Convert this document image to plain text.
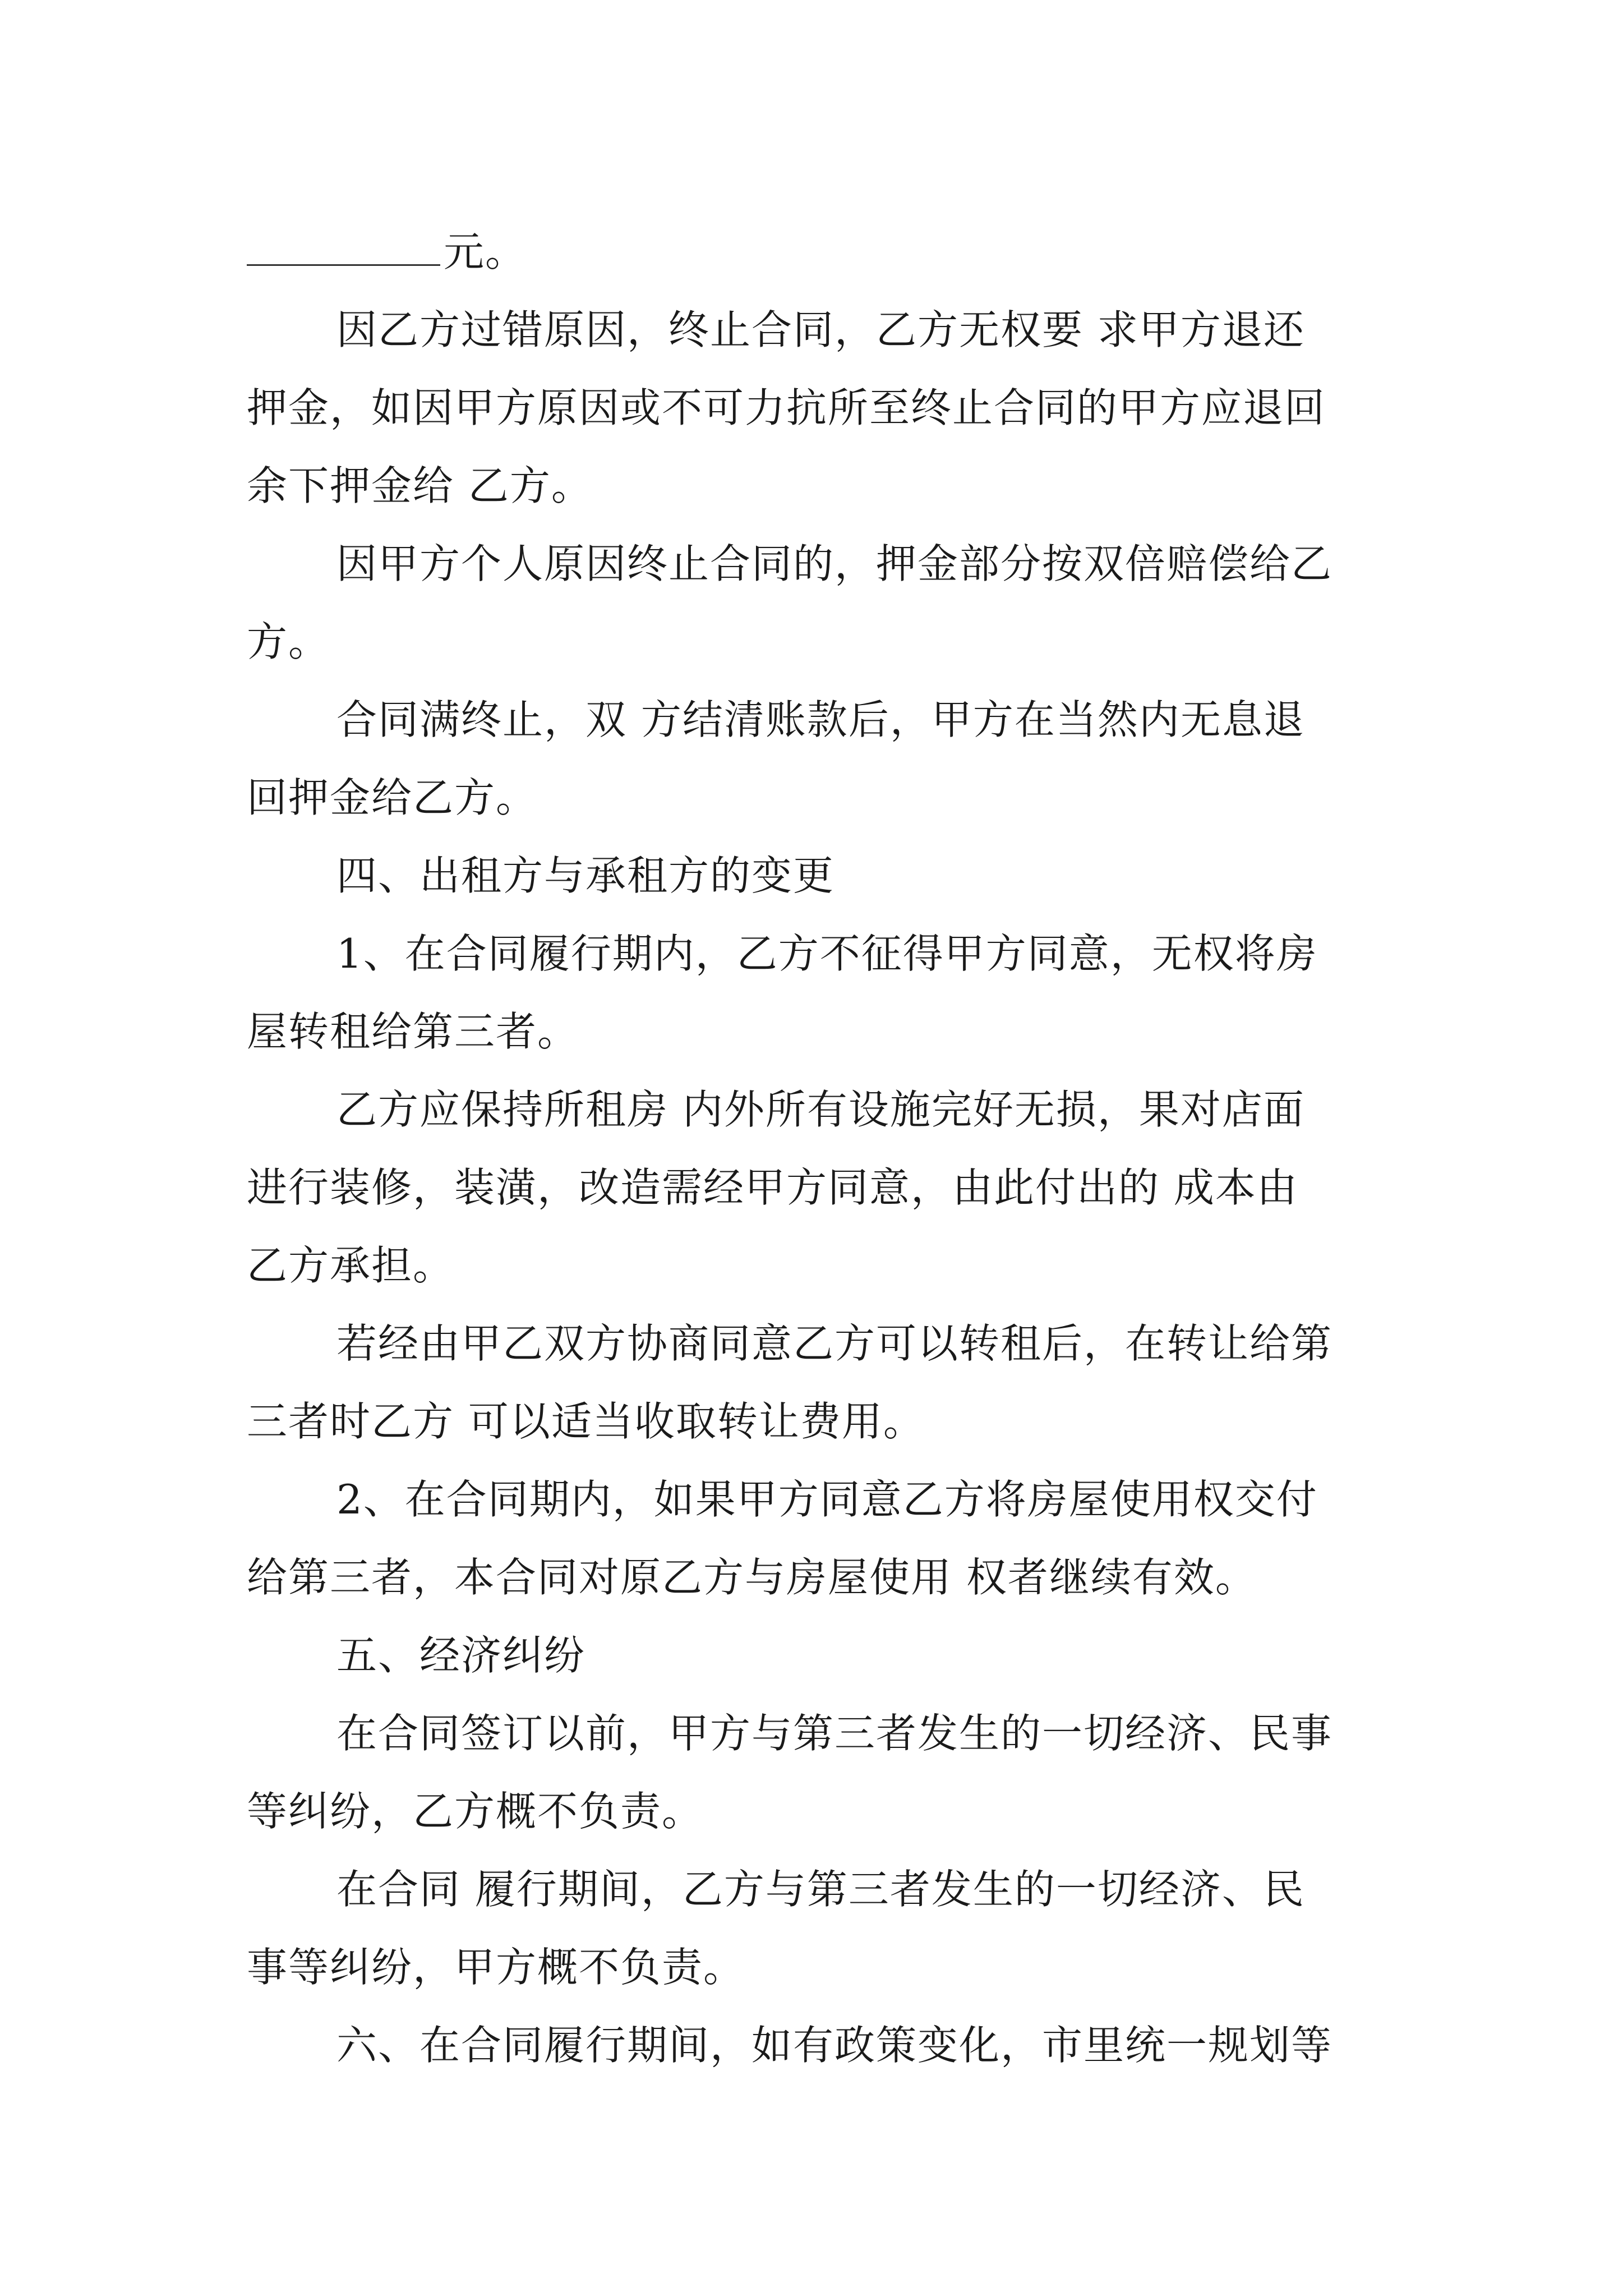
元。
因乙方过错原因，终止合同，乙方无权要 求甲方退还
押金，如因甲方原因或不可力抗所至终止合同的甲方应退回
余下押金给 乙方。
因甲方个人原因终止合同的，押金部分按双倍赔偿给乙
方。
合同满终止，双 方结清账款后，甲方在当然内无息退
回押金给乙方。
四、出租方与承租方的变更
1、在合同履行期内，乙方不征得甲方同意，无权将房
屋转租给第三者。
乙方应保持所租房 内外所有设施完好无损，果对店面
进行装修，装潢，改造需经甲方同意，由此付出的 成本由
乙方承担。
若经由甲乙双方协商同意乙方可以转租后，在转让给第
三者时乙方 可以适当收取转让费用。
2、在合同期内，如果甲方同意乙方将房屋使用权交付
给第三者，本合同对原乙方与房屋使用 权者继续有效。
五、经济纠纷
在合同签订以前，甲方与第三者发生的一切经济、民事
等纠纷，乙方概不负责。
在合同 履行期间，乙方与第三者发生的一切经济、民
事等纠纷，甲方概不负责。
六、在合同履行期间，如有政策变化，市里统一规划等
